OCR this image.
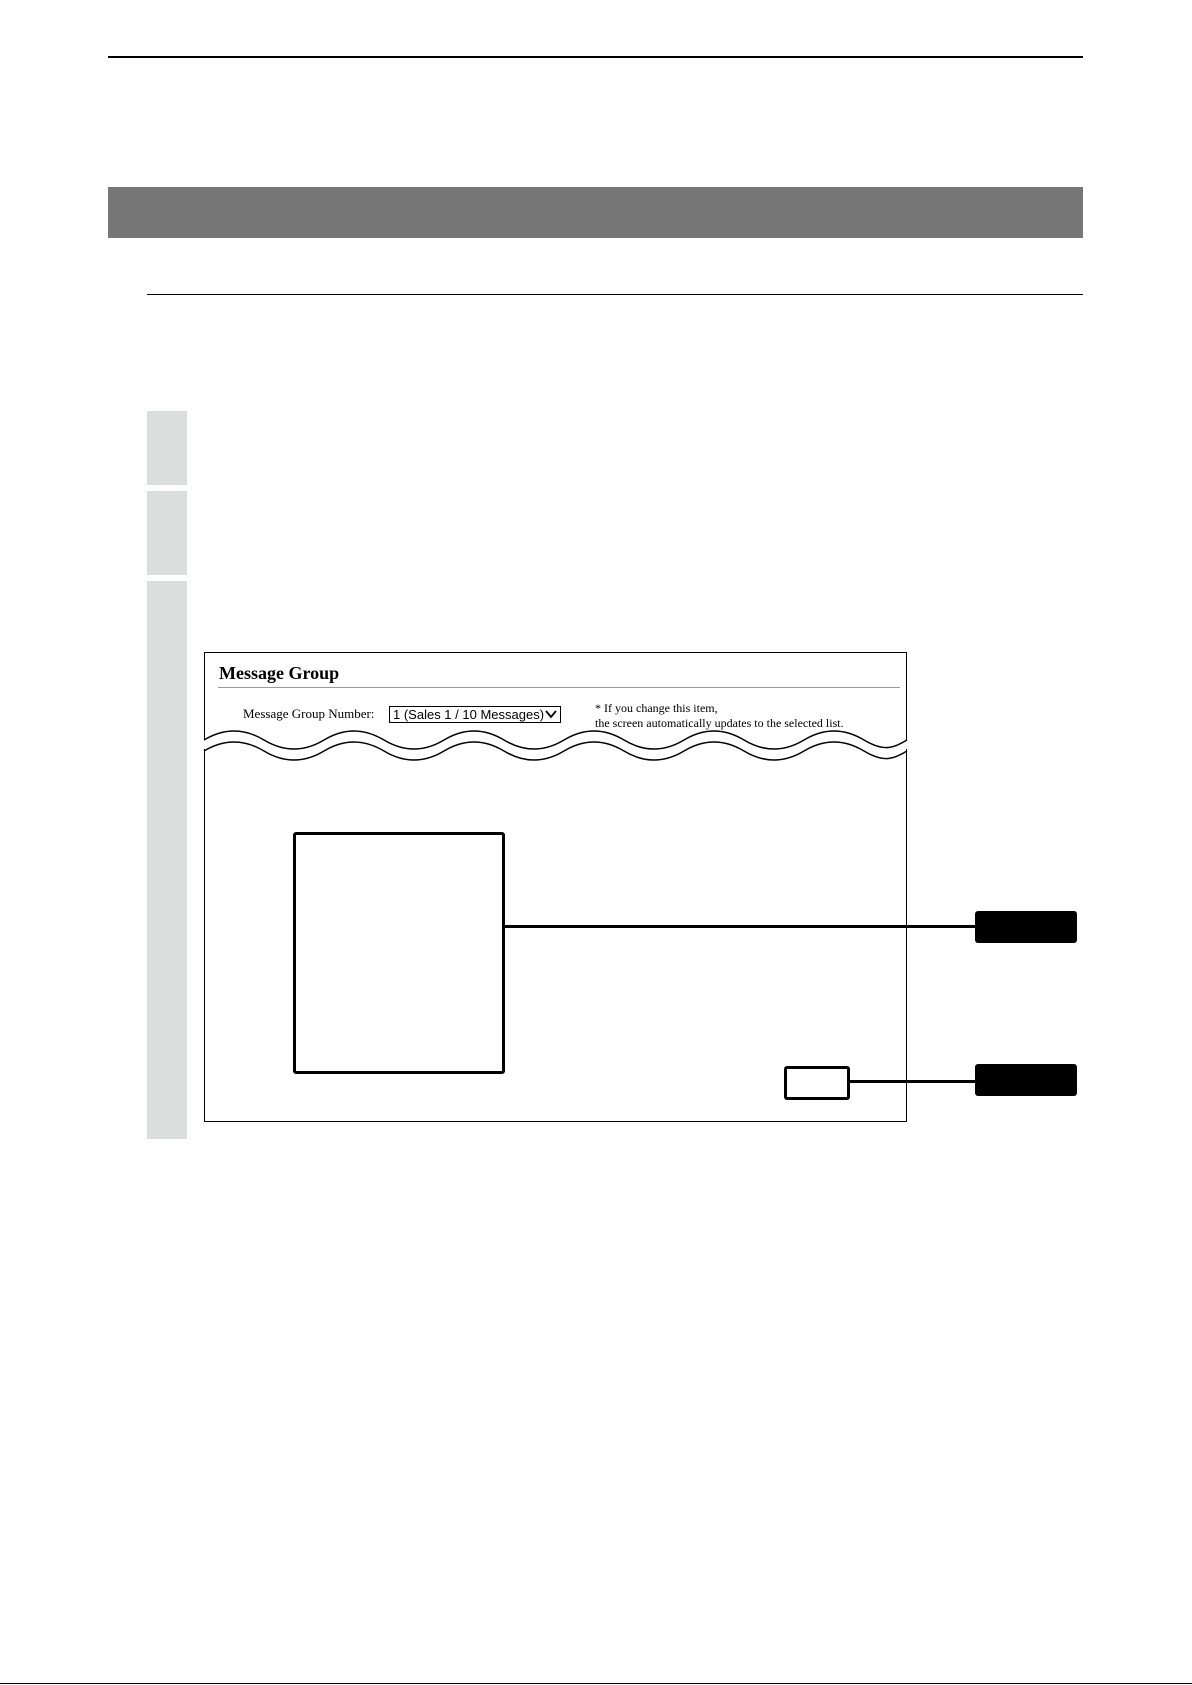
Message Group
Message Group Number:	1 (Sales 1 / 10 Messages)	* If you change this item,
the screen automatically updates to the selected list.
